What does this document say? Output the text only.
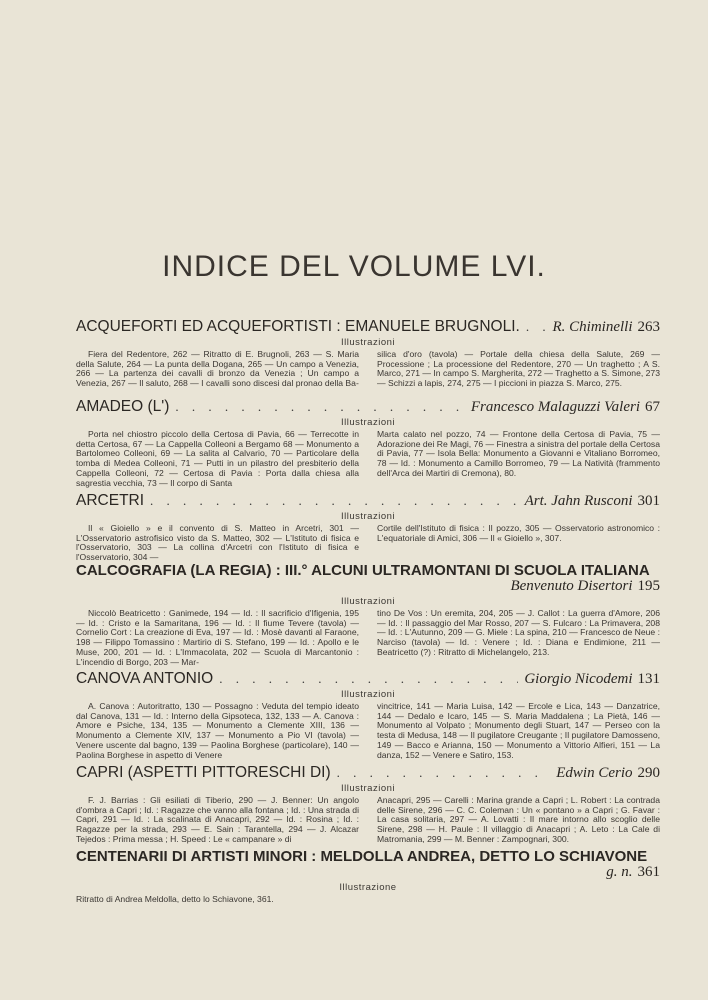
INDICE DEL VOLUME LVI.
ACQUEFORTI ED ACQUEFORTISTI : EMANUELE BRUGNOLI. . . . R. Chiminelli 263
Illustrazioni
Fiera del Redentore, 262 — Ritratto di E. Brugnoli, 263 — S. Maria della Salute, 264 — La punta della Dogana, 265 — Un campo a Venezia, 266 — La partenza dei cavalli di bronzo da Venezia ; Un campo a Venezia, 267 — Il saluto, 268 — I cavalli sono discesi dal pronao della Ba-
silica d'oro (tavola) — Portale della chiesa della Salute, 269 — Processione ; La processione del Redentore, 270 — Un traghetto ; A S. Marco, 271 — In campo S. Margherita, 272 — Traghetto a S. Simone, 273 — Schizzi a lapis, 274, 275 — I piccioni in piazza S. Marco, 275.
AMADEO (L') . . .	Francesco Malaguzzi Valeri 67
Illustrazioni
Porta nel chiostro piccolo della Certosa di Pavia, 66 — Terrecotte in detta Certosa, 67 — La Cappella Colleoni a Bergamo 68 — Monumento a Bartolomeo Colleoni, 69 — La salita al Calvario, 70 — Particolare della tomba di Medea Colleoni, 71 — Putti in un pilastro del presbiterio della Cappella Colleoni, 72 — Certosa di Pavia : Porta dalla chiesa alla sagrestia vecchia, 73 — Il corpo di Santa
Marta calato nel pozzo, 74 — Frontone della Certosa di Pavia, 75 — Adorazione dei Re Magi, 76 — Finestra a sinistra del portale della Certosa di Pavia, 77 — Isola Bella: Monumento a Giovanni e Vitaliano Borromeo, 78 — Id. : Monumento a Camillo Borromeo, 79 — La Natività (frammento dell'Arca dei Martiri di Cremona), 80.
ARCETRI . . .	Art. Jahn Rusconi 301
Illustrazioni
Il « Gioiello » e il convento di S. Matteo in Arcetri, 301 — L'Osservatorio astrofisico visto da S. Matteo, 302 — L'Istituto di fisica e l'Osservatorio, 303 — La collina d'Arcetri con l'Istituto di fisica e l'Osservatorio, 304 —
Cortile dell'Istituto di fisica : Il pozzo, 305 — Osservatorio astronomico : L'equatoriale di Amici, 306 — Il « Gioiello », 307.
CALCOGRAFIA (LA REGIA) : III.° ALCUNI ULTRAMONTANI DI SCUOLA ITALIANA
Benvenuto Disertori 195
Illustrazioni
Niccolò Beatricetto : Ganimede, 194 — Id. : Il sacrificio d'Ifigenia, 195 — Id. : Cristo e la Samaritana, 196 — Id. : Il fiume Tevere (tavola) — Cornelio Cort : La creazione di Eva, 197 — Id. : Mosè davanti al Faraone, 198 — Filippo Tomassino : Martirio di S. Stefano, 199 — Id. : Apollo e le Muse, 200, 201 — Id. : L'Immacolata, 202 — Scuola di Marcantonio : L'incendio di Borgo, 203 — Mar-
tino De Vos : Un eremita, 204, 205 — J. Callot : La guerra d'Amore, 206 — Id. : Il passaggio del Mar Rosso, 207 — S. Fulcaro : La Primavera, 208 — Id. : L'Autunno, 209 — G. Miele : La spina, 210 — Francesco de Neue : Narciso (tavola) — Id. : Venere ; Id. : Diana e Endimione, 211 — Beatricetto (?) : Ritratto di Michelangelo, 213.
CANOVA ANTONIO . . .	Giorgio Nicodemi 131
Illustrazioni
A. Canova : Autoritratto, 130 — Possagno : Veduta del tempio ideato dal Canova, 131 — Id. : Interno della Gipsoteca, 132, 133 — A. Canova : Amore e Psiche, 134, 135 — Monumento a Clemente XIII, 136 — Monumento a Clemente XIV, 137 — Monumento a Pio VI (tavola) — Venere uscente dal bagno, 139 — Paolina Borghese (particolare), 140 — Paolina Borghese in aspetto di Venere
vincitrice, 141 — Maria Luisa, 142 — Ercole e Lica, 143 — Danzatrice, 144 — Dedalo e Icaro, 145 — S. Maria Maddalena ; La Pietà, 146 — Monumento al Volpato ; Monumento degli Stuart, 147 — Perseo con la testa di Medusa, 148 — Il pugilatore Creugante ; Il pugilatore Damosseno, 149 — Bacco e Arianna, 150 — Monumento a Vittorio Alfieri, 151 — La danza, 152 — Venere e Satiro, 153.
CAPRI (ASPETTI PITTORESCHI DI) . . .	Edwin Cerio 290
Illustrazioni
F. J. Barrias : Gli esiliati di Tiberio, 290 — J. Benner: Un angolo d'ombra a Capri ; Id. : Ragazze che vanno alla fontana ; Id. : Una strada di Capri, 291 — Id. : La scalinata di Anacapri, 292 — Id. : Rosina ; Id. : Ragazze per la strada, 293 — E. Sain : Tarantella, 294 — J. Alcazar Tejedos : Prima messa ; H. Speed : Le « campanare » di
Anacapri, 295 — Carelli : Marina grande a Capri ; L. Robert : La contrada delle Sirene, 296 — C. C. Coleman : Un « pontano » a Capri ; G. Favar : La casa solitaria, 297 — A. Lovatti : Il mare intorno allo scoglio delle Sirene, 298 — H. Paule : Il villaggio di Anacapri ; A. Leto : La Cale di Matromania, 299 — M. Benner : Zampognari, 300.
CENTENARII DI ARTISTI MINORI : MELDOLLA ANDREA, DETTO LO SCHIAVONE
g. n. 361
Illustrazione
Ritratto di Andrea Meldolla, detto lo Schiavone, 361.
